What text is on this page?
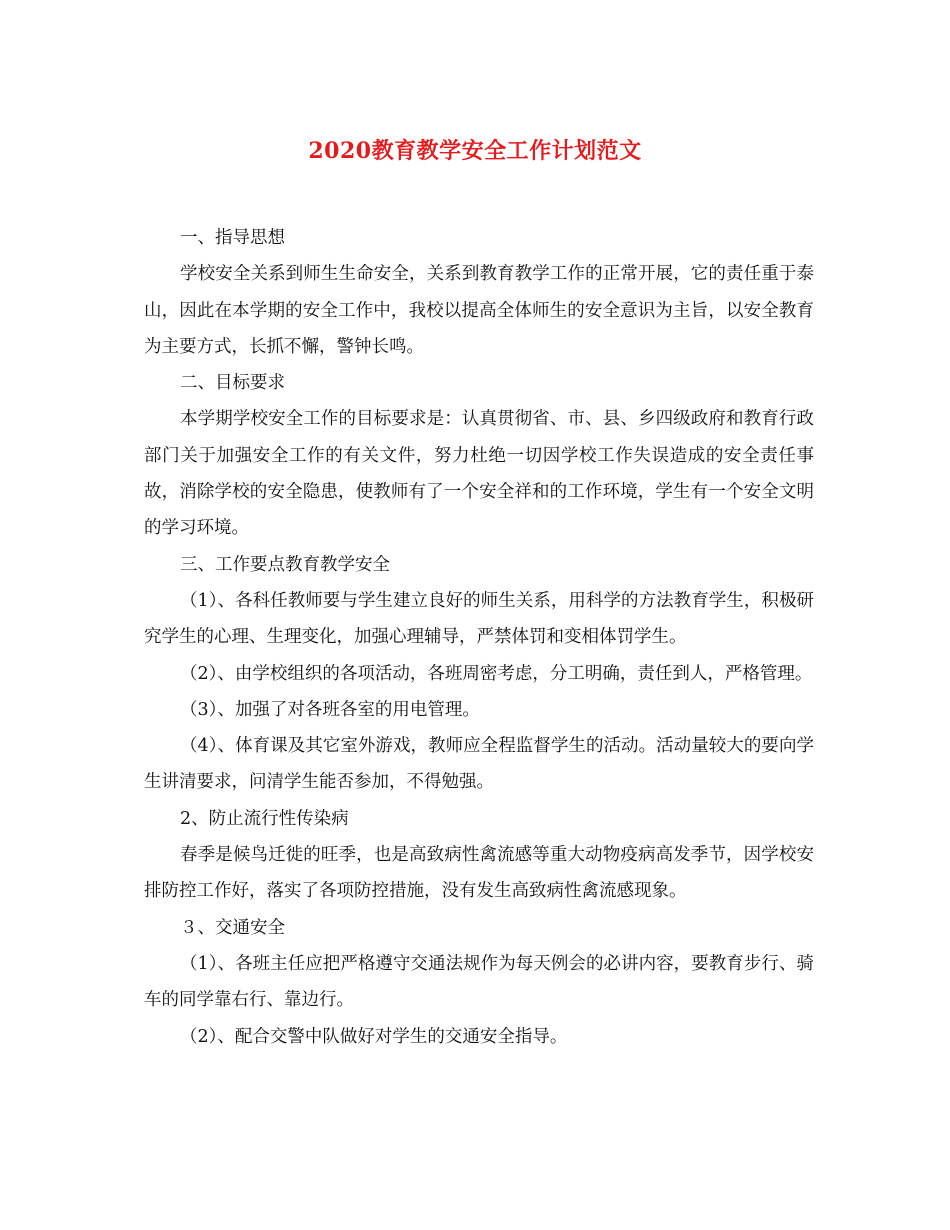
2020教育教学安全工作计划范文

一、指导思想

学校安全关系到师生生命安全，关系到教育教学工作的正常开展，它的责任重于泰山，因此在本学期的安全工作中，我校以提高全体师生的安全意识为主旨，以安全教育为主要方式，长抓不懈，警钟长鸣。

二、目标要求

本学期学校安全工作的目标要求是：认真贯彻省、市、县、乡四级政府和教育行政部门关于加强安全工作的有关文件，努力杜绝一切因学校工作失误造成的安全责任事故，消除学校的安全隐患，使教师有了一个安全祥和的工作环境，学生有一个安全文明的学习环境。

三、工作要点教育教学安全

（1）、各科任教师要与学生建立良好的师生关系，用科学的方法教育学生，积极研究学生的心理、生理变化，加强心理辅导，严禁体罚和变相体罚学生。

（2）、由学校组织的各项活动，各班周密考虑，分工明确，责任到人，严格管理。

（3）、加强了对各班各室的用电管理。

（4）、体育课及其它室外游戏，教师应全程监督学生的活动。活动量较大的要向学生讲清要求，问清学生能否参加，不得勉强。

2、防止流行性传染病

春季是候鸟迁徙的旺季，也是高致病性禽流感等重大动物疫病高发季节，因学校安排防控工作好，落实了各项防控措施，没有发生高致病性禽流感现象。

３、交通安全

（1）、各班主任应把严格遵守交通法规作为每天例会的必讲内容，要教育步行、骑车的同学靠右行、靠边行。

（2）、配合交警中队做好对学生的交通安全指导。
